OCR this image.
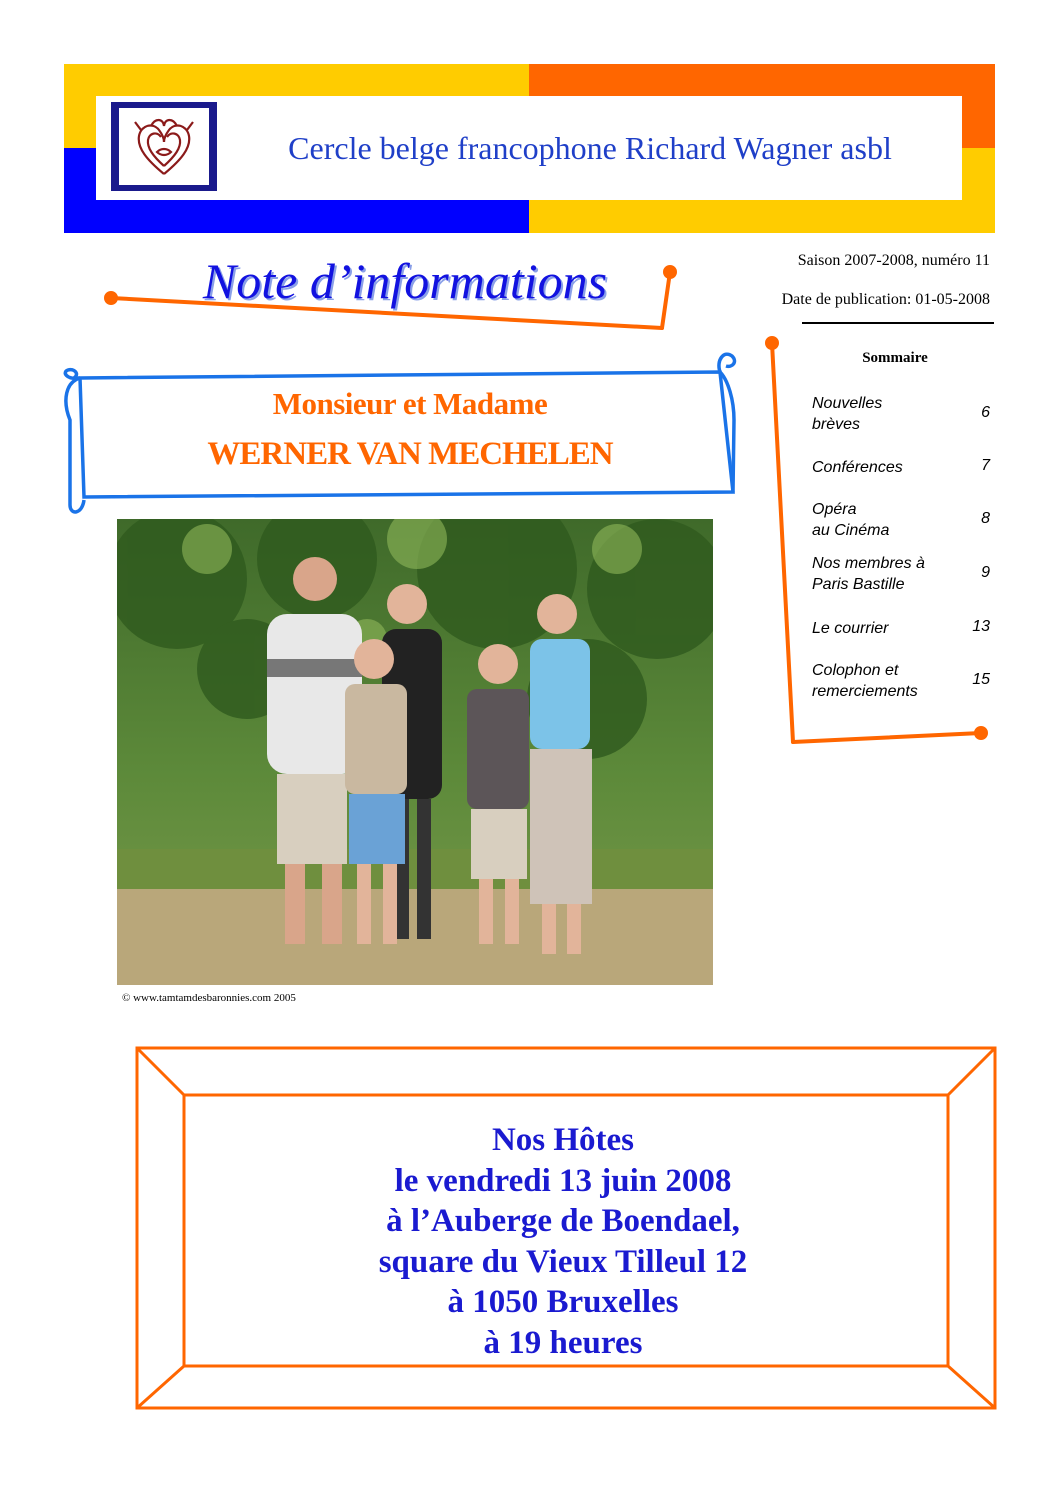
Cercle belge francophone Richard Wagner asbl
Note d’informations	Saison 2007-2008, numéro 11
Date de publication: 01-05-2008
Monsieur et Madame
WERNER VAN MECHELEN
© www.tamtamdesbaronnies.com 2005
Sommaire
Nouvelles
brèves
6
Conférences	7
Opéra
au Cinéma
8
Nos membres à
Paris Bastille
9
Le courrier	13
Colophon et
remerciements
15
Nos Hôtes
le vendredi 13 juin 2008
à l’Auberge de Boendael,
square du Vieux Tilleul 12
à 1050 Bruxelles
à 19 heures
